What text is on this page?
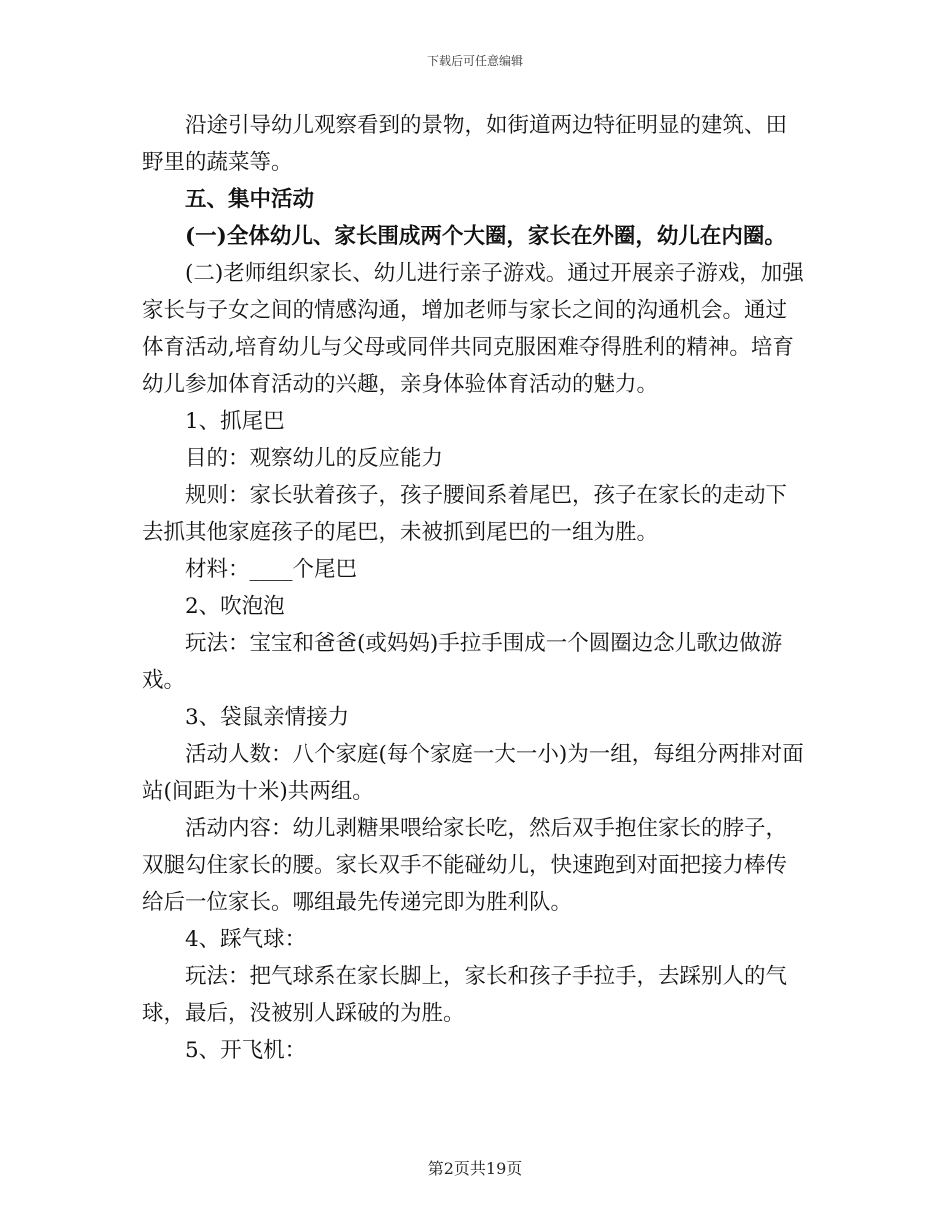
下载后可任意编辑

沿途引导幼儿观察看到的景物，如街道两边特征明显的建筑、田野里的蔬菜等。

五、集中活动

(一)全体幼儿、家长围成两个大圈，家长在外圈，幼儿在内圈。

(二)老师组织家长、幼儿进行亲子游戏。通过开展亲子游戏，加强家长与子女之间的情感沟通，增加老师与家长之间的沟通机会。通过体育活动,培育幼儿与父母或同伴共同克服困难夺得胜利的精神。培育幼儿参加体育活动的兴趣，亲身体验体育活动的魅力。

1、抓尾巴

目的：观察幼儿的反应能力

规则：家长驮着孩子，孩子腰间系着尾巴，孩子在家长的走动下去抓其他家庭孩子的尾巴，未被抓到尾巴的一组为胜。

材料：____个尾巴

2、吹泡泡

玩法：宝宝和爸爸(或妈妈)手拉手围成一个圆圈边念儿歌边做游戏。

3、袋鼠亲情接力

活动人数：八个家庭(每个家庭一大一小)为一组，每组分两排对面站(间距为十米)共两组。

活动内容：幼儿剥糖果喂给家长吃，然后双手抱住家长的脖子，双腿勾住家长的腰。家长双手不能碰幼儿，快速跑到对面把接力棒传给后一位家长。哪组最先传递完即为胜利队。

4、踩气球：

玩法：把气球系在家长脚上，家长和孩子手拉手，去踩别人的气球，最后，没被别人踩破的为胜。

5、开飞机：

第2页共19页
